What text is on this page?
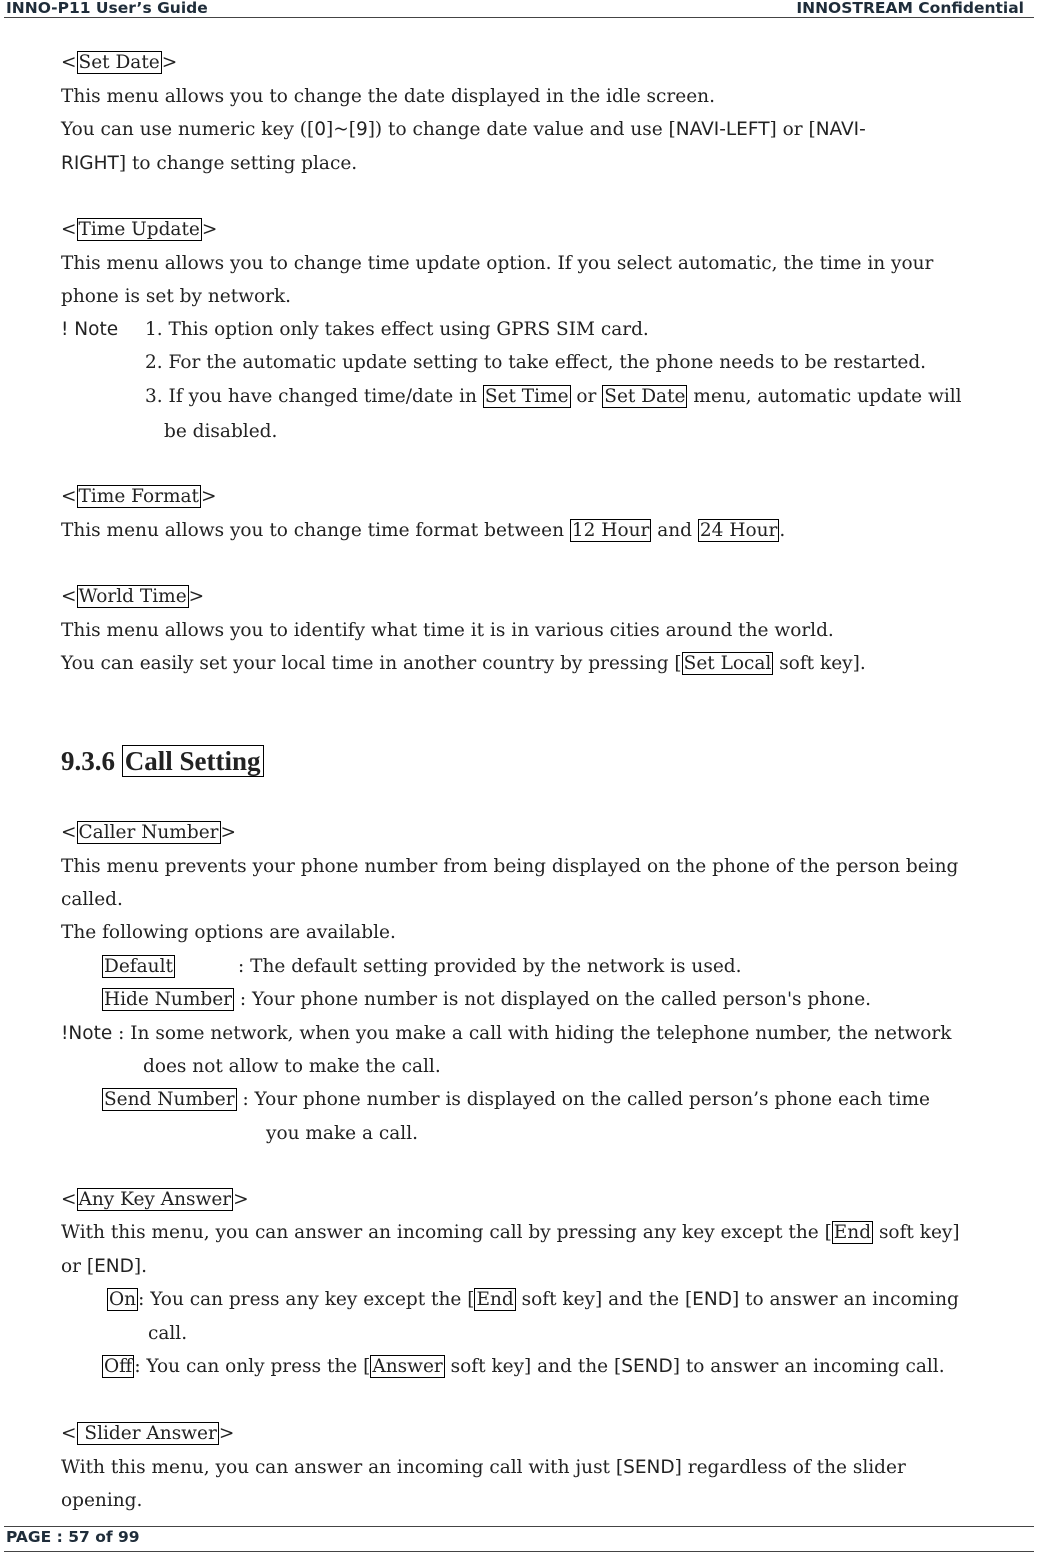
INNO-P11 User’s Guide	INNOSTREAM Confidential
< Set Date >
This menu allows you to change the date displayed in the idle screen.
You can use numeric key ([0]~[9]) to change date value and use [NAVI-LEFT] or [NAVI-
RIGHT] to change setting place.
< Time Update >
This menu allows you to change time update option. If you select automatic, the time in your
phone is set by network.
! Note 1. This option only takes effect using GPRS SIM card.
2. For the automatic update setting to take effect, the phone needs to be restarted.
3. If you have changed time/date in Set Time or Set Date menu, automatic update will
be disabled.
< Time Format >
This menu allows you to change time format between 12 Hour and 24 Hour .
< World Time >
This menu allows you to identify what time it is in various cities around the world.
You can easily set your local time in another country by pressing [ Set Local soft key].
9.3.6 Call Setting
< Caller Number >
This menu prevents your phone number from being displayed on the phone of the person being
called.
The following options are available.
Default	: The default setting provided by the network is used.
Hide Number : Your phone number is not displayed on the called person's phone.
!Note : In some network, when you make a call with hiding the telephone number, the network
does not allow to make the call.
Send Number : Your phone number is displayed on the called person’s phone each time
you make a call.
< Any Key Answer >
With this menu, you can answer an incoming call by pressing any key except the [ End soft key]
or [END].
On : You can press any key except the [ End soft key] and the [END] to answer an incoming
call.
Off : You can only press the [ Answer soft key] and the [SEND] to answer an incoming call.
< Slider Answer >
With this menu, you can answer an incoming call with just [SEND] regardless of the slider
opening.
PAGE : 57 of 99
